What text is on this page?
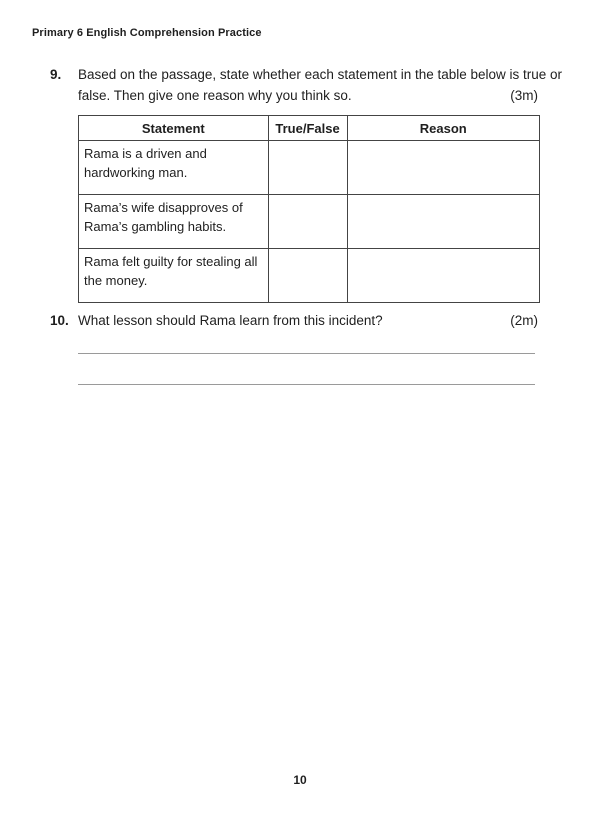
Primary 6 English Comprehension Practice
9. Based on the passage, state whether each statement in the table below is true or
false. Then give one reason why you think so.	(3m)
Statement	True/False	Reason
Rama is a driven and hardworking man.		
Rama’s wife disapproves of Rama’s gambling habits.		
Rama felt guilty for stealing all the money.		
10. What lesson should Rama learn from this incident?	(2m)
10
